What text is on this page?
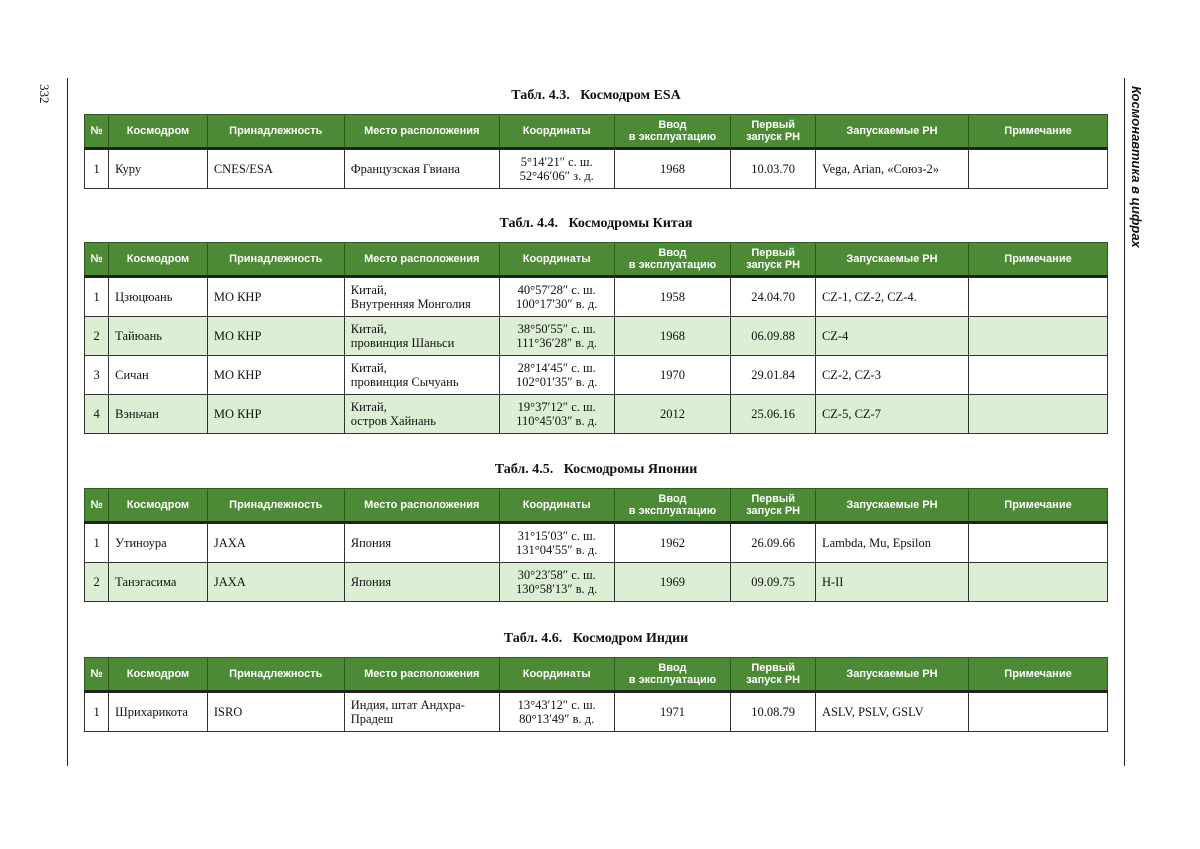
332	Космонавтика в цифрах
Табл. 4.3.   Космодром ESA
№	Космодром	Принадлежность	Место расположения	Координаты	Ввод
в эксплуатацию	Первый
запуск РН	Запускаемые РН	Примечание
1	Куру	CNES/ESA	Французская Гвиана	5°14′21″ с. ш.
52°46′06″ з. д.	1968	10.03.70	Vega, Arian, «Союз-2»	
Табл. 4.4.   Космодромы Китая
№	Космодром	Принадлежность	Место расположения	Координаты	Ввод
в эксплуатацию	Первый
запуск РН	Запускаемые РН	Примечание
1	Цзюцюань	МО КНР	Китай,
Внутренняя Монголия	40°57′28″ с. ш.
100°17′30″ в. д.	1958	24.04.70	CZ-1, CZ-2, CZ-4.	
2	Тайюань	МО КНР	Китай,
провинция Шаньси	38°50′55″ с. ш.
111°36′28″ в. д.	1968	06.09.88	CZ-4	
3	Сичан	МО КНР	Китай,
провинция Сычуань	28°14′45″ с. ш.
102°01′35″ в. д.	1970	29.01.84	CZ-2, CZ-3	
4	Вэньчан	МО КНР	Китай,
остров Хайнань	19°37′12″ с. ш.
110°45′03″ в. д.	2012	25.06.16	CZ-5, CZ-7	
Табл. 4.5.   Космодромы Японии
№	Космодром	Принадлежность	Место расположения	Координаты	Ввод
в эксплуатацию	Первый
запуск РН	Запускаемые РН	Примечание
1	Утиноура	JAXA	Япония	31°15′03″ с. ш.
131°04′55″ в. д.	1962	26.09.66	Lambda, Mu, Epsilon	
2	Танэгасима	JAXA	Япония	30°23′58″ с. ш.
130°58′13″ в. д.	1969	09.09.75	H-II	
Табл. 4.6.   Космодром Индии
№	Космодром	Принадлежность	Место расположения	Координаты	Ввод
в эксплуатацию	Первый
запуск РН	Запускаемые РН	Примечание
1	Шрихарикота	ISRO	Индия, штат Андхра-
Прадеш	13°43′12″ с. ш.
80°13′49″ в. д.	1971	10.08.79	ASLV, PSLV, GSLV	
